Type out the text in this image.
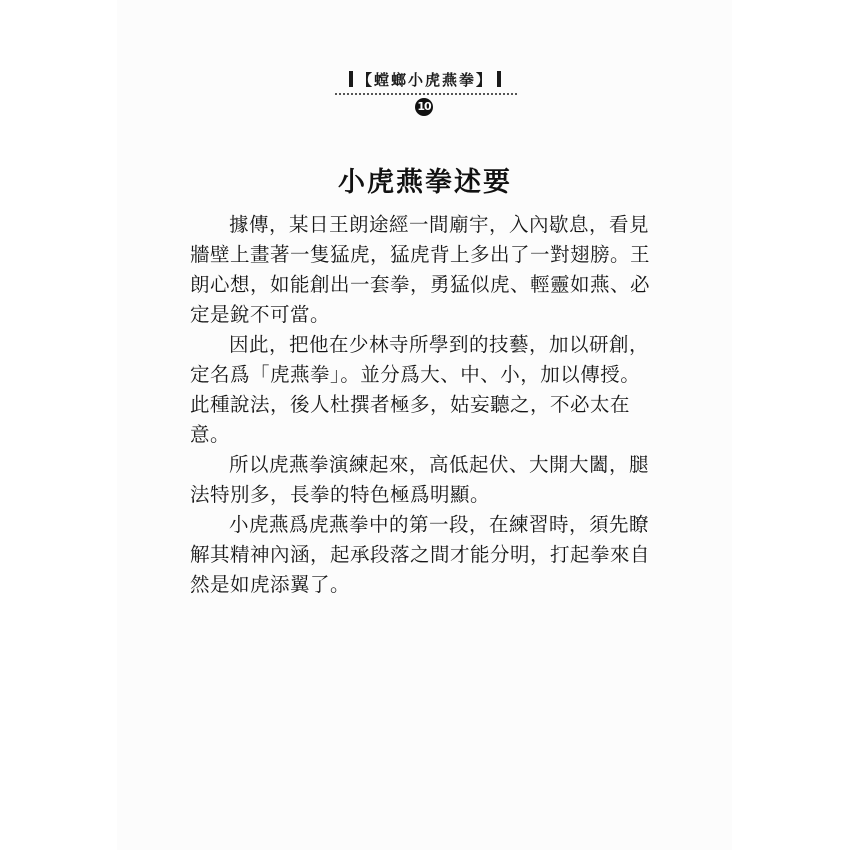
【螳螂小虎燕拳】
10
小虎燕拳述要

據傳，某日王朗途經一間廟宇，入內歇息，看見牆壁上畫著一隻猛虎，猛虎背上多出了一對翅膀。王朗心想，如能創出一套拳，勇猛似虎、輕靈如燕、必定是銳不可當。

因此，把他在少林寺所學到的技藝，加以研創，定名爲「虎燕拳」。並分爲大、中、小，加以傳授。此種說法，後人杜撰者極多，姑妄聽之，不必太在意。

所以虎燕拳演練起來，高低起伏、大開大闔，腿法特別多，長拳的特色極爲明顯。

小虎燕爲虎燕拳中的第一段，在練習時，須先瞭解其精神內涵，起承段落之間才能分明，打起拳來自然是如虎添翼了。
